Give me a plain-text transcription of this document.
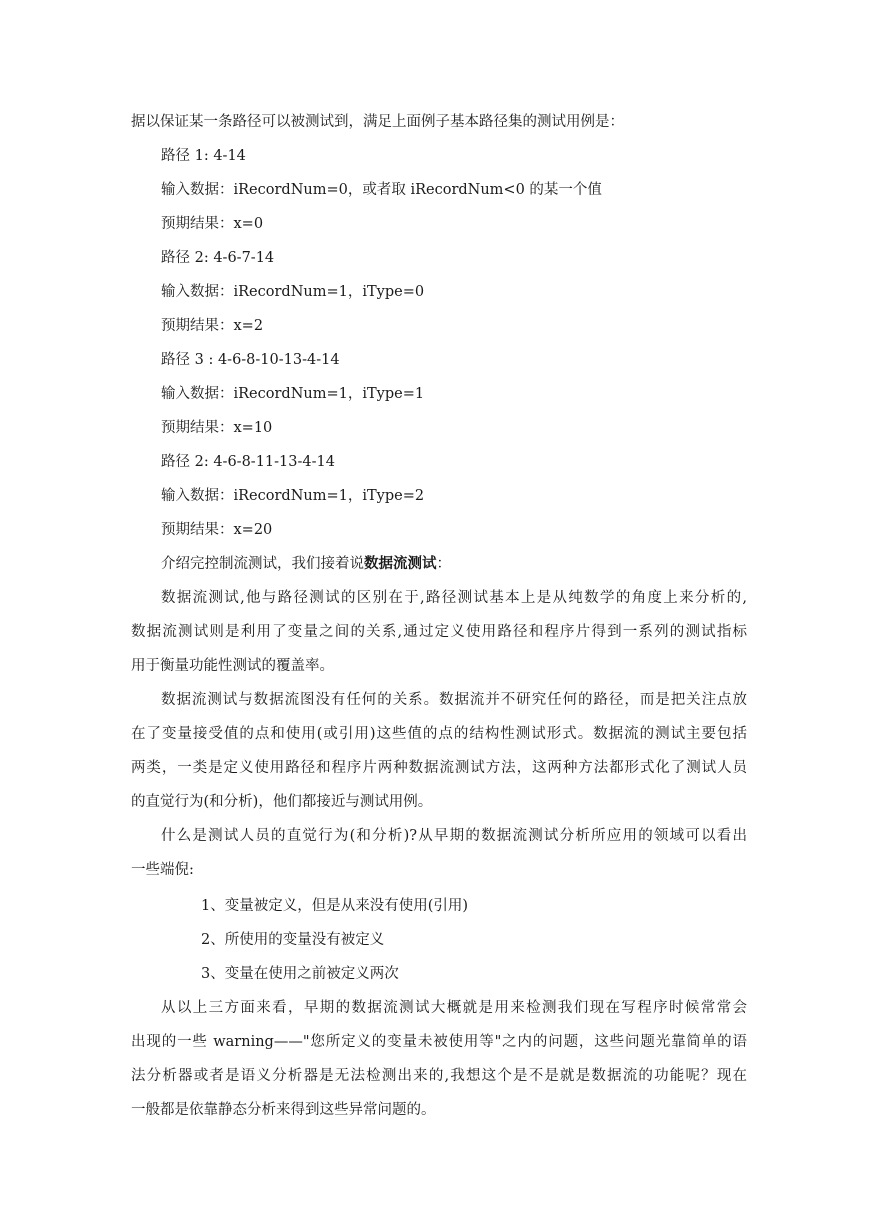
据以保证某一条路径可以被测试到，满足上面例子基本路径集的测试用例是：
路径 1: 4-14
输入数据：iRecordNum=0，或者取 iRecordNum<0 的某一个值
预期结果：x=0
路径 2: 4-6-7-14
输入数据：iRecordNum=1，iType=0
预期结果：x=2
路径 3 : 4-6-8-10-13-4-14
输入数据：iRecordNum=1，iType=1
预期结果：x=10
路径 2: 4-6-8-11-13-4-14
输入数据：iRecordNum=1，iType=2
预期结果：x=20
介绍完控制流测试，我们接着说数据流测试：
数据流测试,他与路径测试的区别在于,路径测试基本上是从纯数学的角度上来分析的,
数据流测试则是利用了变量之间的关系,通过定义使用路径和程序片得到一系列的测试指标
用于衡量功能性测试的覆盖率。
数据流测试与数据流图没有任何的关系。数据流并不研究任何的路径，而是把关注点放
在了变量接受值的点和使用(或引用)这些值的点的结构性测试形式。数据流的测试主要包括
两类，一类是定义使用路径和程序片两种数据流测试方法，这两种方法都形式化了测试人员
的直觉行为(和分析)，他们都接近与测试用例。
什么是测试人员的直觉行为(和分析)?从早期的数据流测试分析所应用的领域可以看出
一些端倪:
1、变量被定义，但是从来没有使用(引用)
2、所使用的变量没有被定义
3、变量在使用之前被定义两次
从以上三方面来看，早期的数据流测试大概就是用来检测我们现在写程序时候常常会
出现的一些 warning——"您所定义的变量未被使用等"之内的问题，这些问题光靠简单的语
法分析器或者是语义分析器是无法检测出来的,我想这个是不是就是数据流的功能呢？现在
一般都是依靠静态分析来得到这些异常问题的。
